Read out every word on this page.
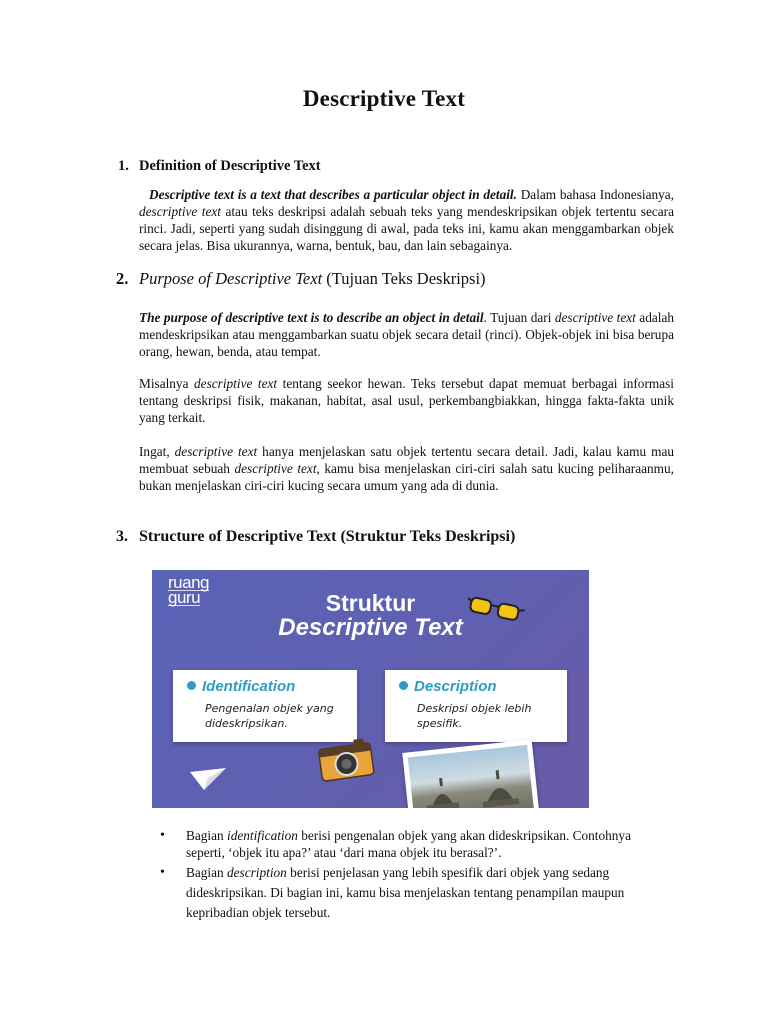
Descriptive Text
1. Definition of Descriptive Text
Descriptive text is a text that describes a particular object in detail. Dalam bahasa Indonesianya, descriptive text atau teks deskripsi adalah sebuah teks yang mendeskripsikan objek tertentu secara rinci. Jadi, seperti yang sudah disinggung di awal, pada teks ini, kamu akan menggambarkan objek secara jelas. Bisa ukurannya, warna, bentuk, bau, dan lain sebagainya.
2. Purpose of Descriptive Text (Tujuan Teks Deskripsi)
The purpose of descriptive text is to describe an object in detail. Tujuan dari descriptive text adalah mendeskripsikan atau menggambarkan suatu objek secara detail (rinci). Objek-objek ini bisa berupa orang, hewan, benda, atau tempat.
Misalnya descriptive text tentang seekor hewan. Teks tersebut dapat memuat berbagai informasi tentang deskripsi fisik, makanan, habitat, asal usul, perkembangbiakkan, hingga fakta-fakta unik yang terkait.
Ingat, descriptive text hanya menjelaskan satu objek tertentu secara detail. Jadi, kalau kamu mau membuat sebuah descriptive text, kamu bisa menjelaskan ciri-ciri salah satu kucing peliharaanmu, bukan menjelaskan ciri-ciri kucing secara umum yang ada di dunia.
3. Structure of Descriptive Text (Struktur Teks Deskripsi)
ruang
guru	Struktur
Descriptive Text
Identification
Pengenalan objek yang dideskripsikan.
Description
Deskripsi objek lebih spesifik.
• Bagian identification berisi pengenalan objek yang akan dideskripsikan. Contohnya seperti, ‘objek itu apa?’ atau ‘dari mana objek itu berasal?’.
• Bagian description berisi penjelasan yang lebih spesifik dari objek yang sedang dideskripsikan. Di bagian ini, kamu bisa menjelaskan tentang penampilan maupun kepribadian objek tersebut.
